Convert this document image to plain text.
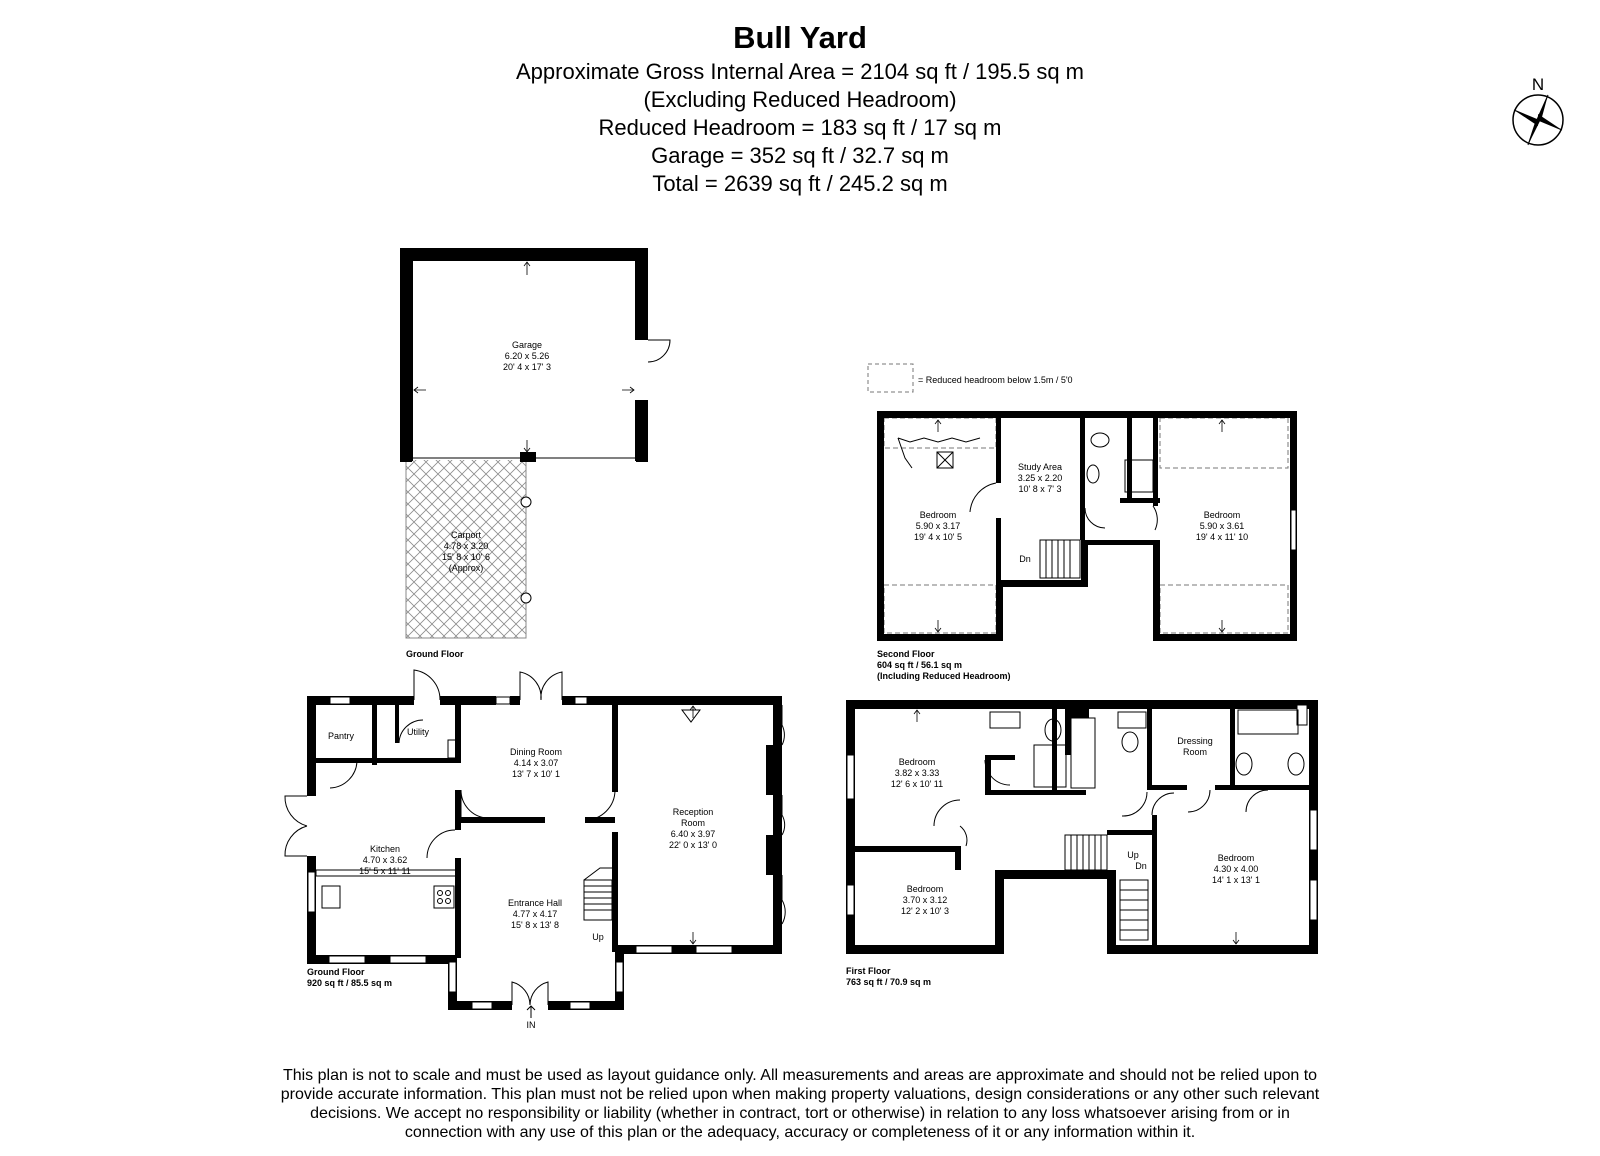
Bull Yard
Approximate Gross Internal Area = 2104 sq ft / 195.5 sq m
(Excluding Reduced Headroom)
Reduced Headroom = 183 sq ft / 17 sq m
Garage = 352 sq ft / 32.7 sq m
Total = 2639 sq ft / 245.2 sq m
N
= Reduced headroom below 1.5m / 5'0
Garage
6.20 x 5.26
20' 4 x 17' 3
Carport
4.78 x 3.20
15' 8 x 10' 6
(Approx)
Ground Floor
Pantry	Utility
Dining Room
4.14 x 3.07
13' 7 x 10' 1
Reception
Room
6.40 x 3.97
22' 0 x 13' 0
Kitchen
4.70 x 3.62
15' 5 x 11' 11
Entrance Hall
4.77 x 4.17
15' 8 x 13' 8
Up
IN
Ground Floor
920 sq ft / 85.5 sq m
Bedroom
3.82 x 3.33
12' 6 x 10' 11
Bedroom
3.70 x 3.12
12' 2 x 10' 3
Bedroom
4.30 x 4.00
14' 1 x 13' 1
Dressing
Room
Up
Dn
First Floor
763 sq ft / 70.9 sq m
Bedroom
5.90 x 3.17
19' 4 x 10' 5
Study Area
3.25 x 2.20
10' 8 x 7' 3
Bedroom
5.90 x 3.61
19' 4 x 11' 10
Dn
Second Floor
604 sq ft / 56.1 sq m
(Including Reduced Headroom)

This plan is not to scale and must be used as layout guidance only. All measurements and areas are approximate and should not be relied upon to

provide accurate information. This plan must not be relied upon when making property valuations, design considerations or any other such relevant

decisions. We accept no responsibility or liability (whether in contract, tort or otherwise) in relation to any loss whatsoever arising from or in

connection with any use of this plan or the adequacy, accuracy or completeness of it or any information within it.
